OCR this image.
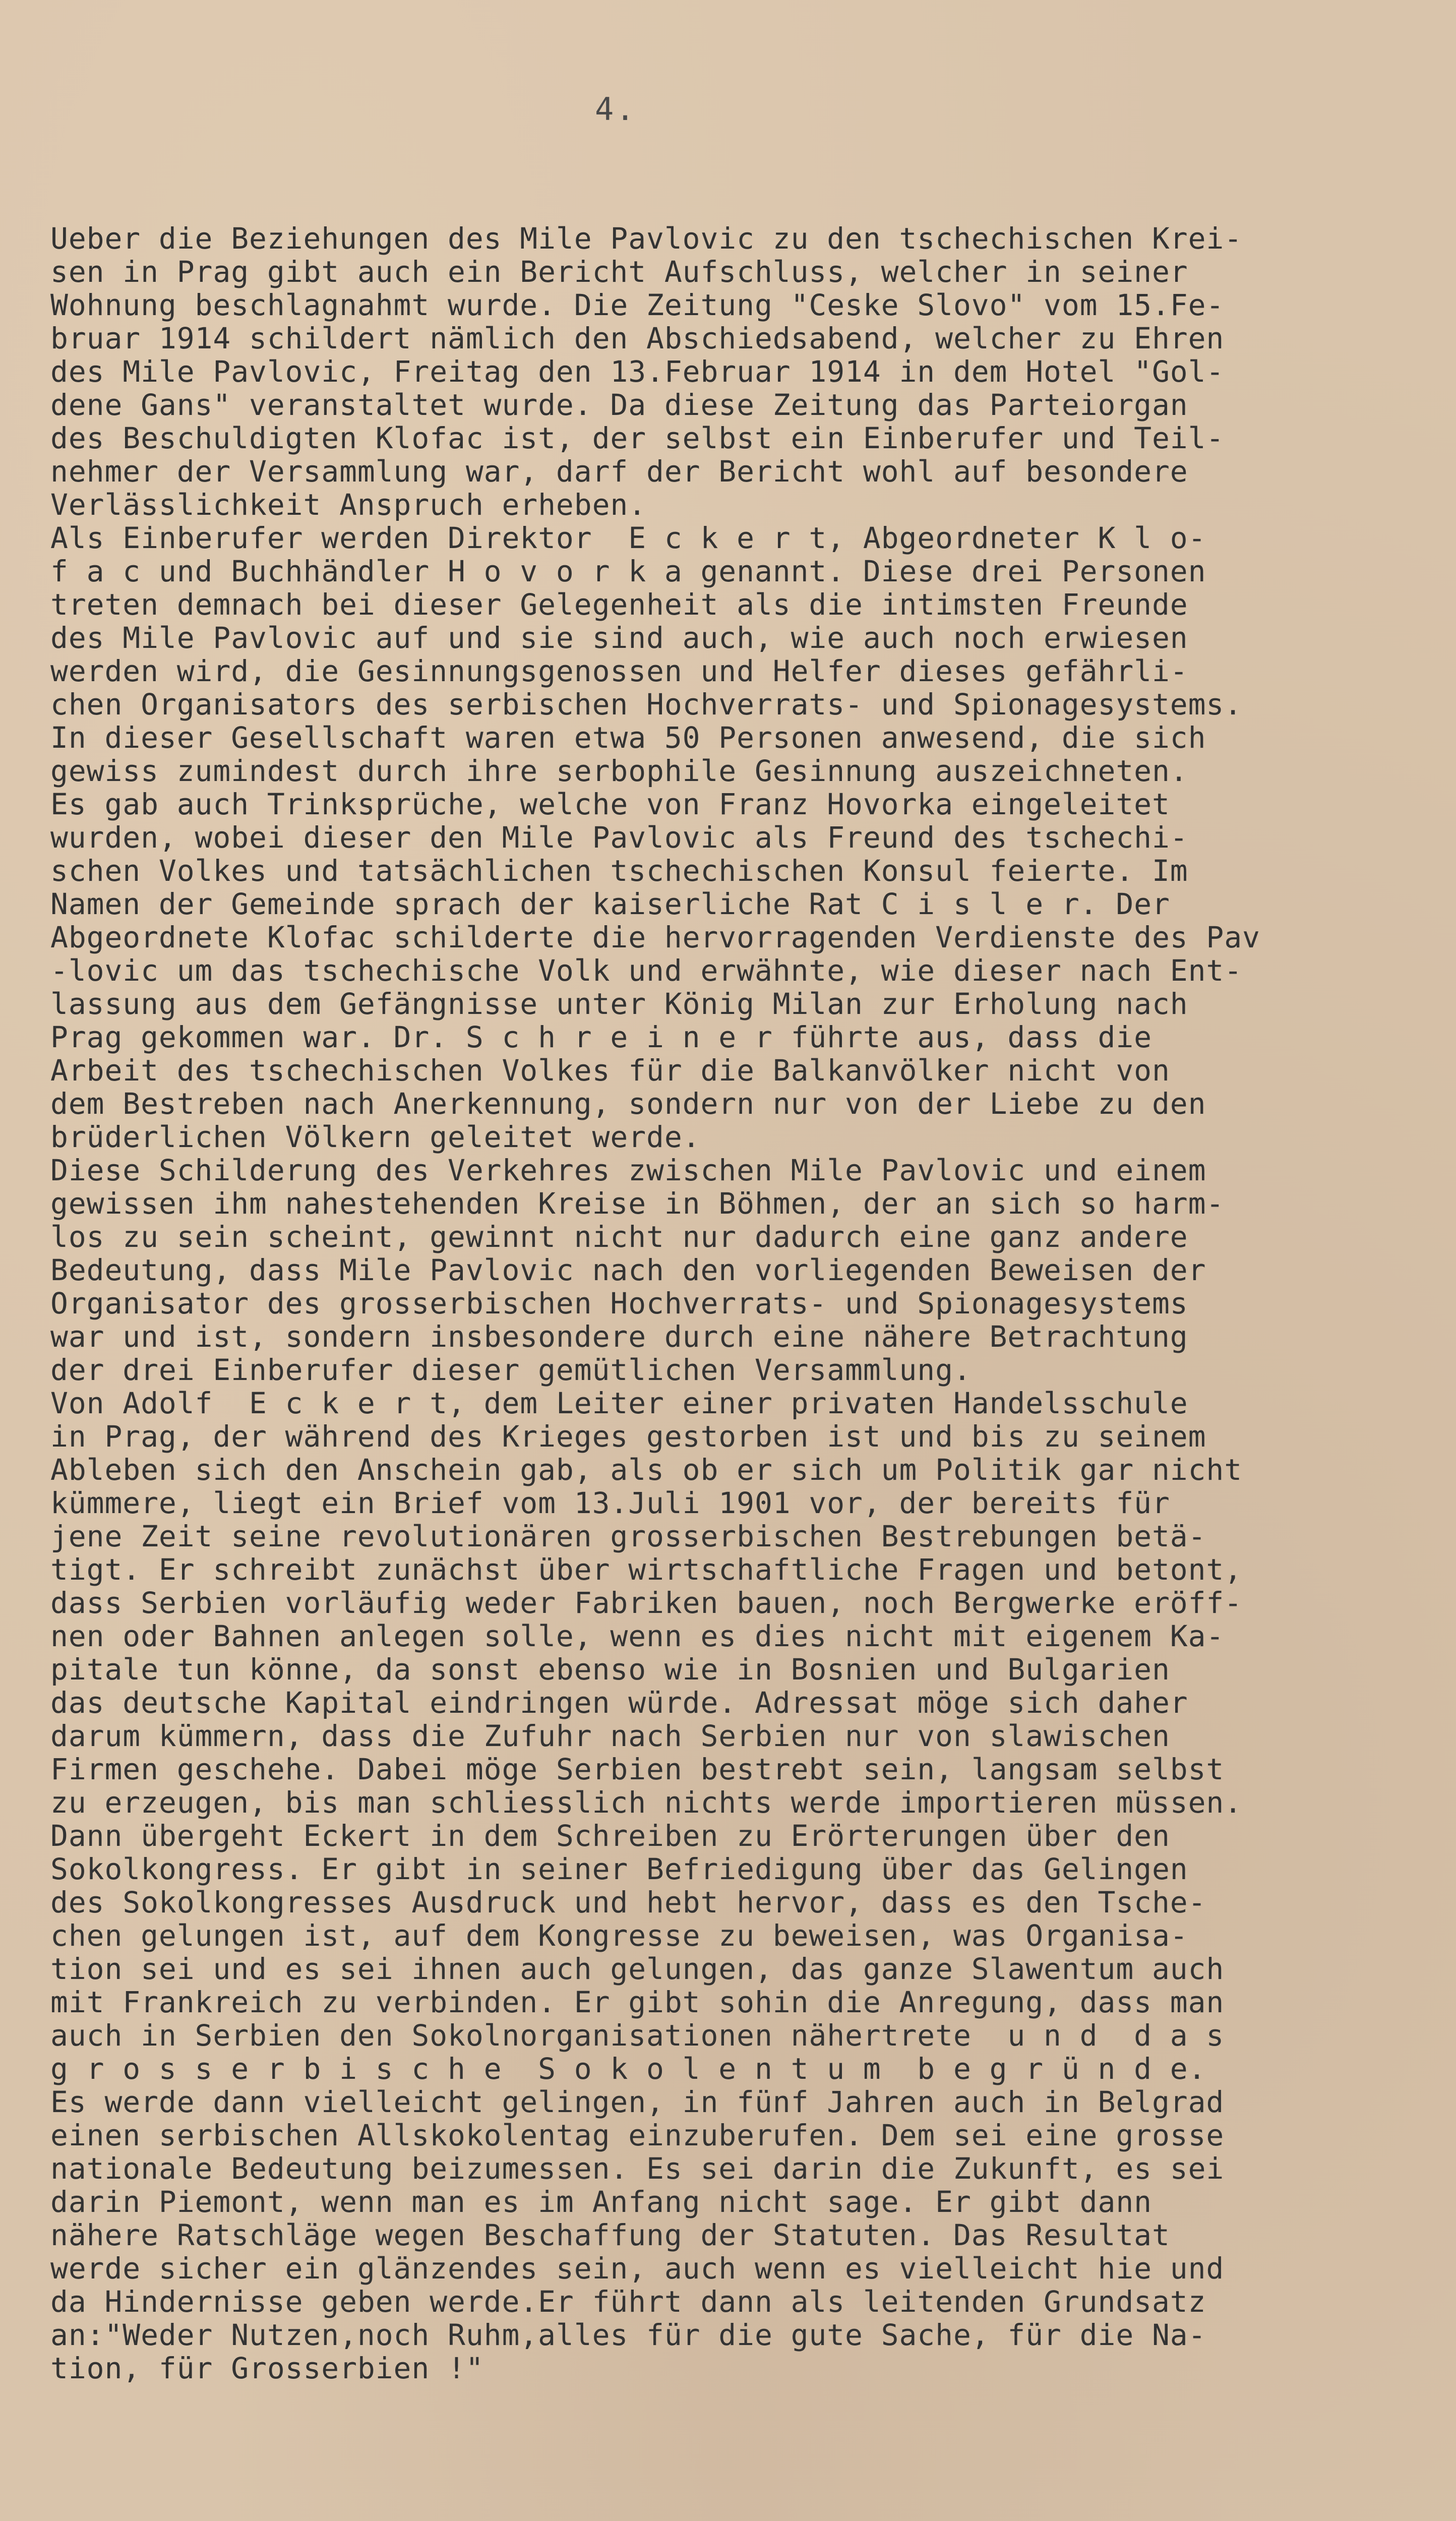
4.
Ueber die Beziehungen des Mile Pavlovic zu den tschechischen Krei-
sen in Prag gibt auch ein Bericht Aufschluss, welcher in seiner
Wohnung beschlagnahmt wurde. Die Zeitung "Ceske Slovo" vom 15.Fe-
bruar 1914 schildert nämlich den Abschiedsabend, welcher zu Ehren
des Mile Pavlovic, Freitag den 13.Februar 1914 in dem Hotel "Gol-
dene Gans" veranstaltet wurde. Da diese Zeitung das Parteiorgan
des Beschuldigten Klofac ist, der selbst ein Einberufer und Teil-
nehmer der Versammlung war, darf der Bericht wohl auf besondere
Verlässlichkeit Anspruch erheben.
Als Einberufer werden Direktor  E c k e r t, Abgeordneter K l o-
f a c und Buchhändler H o v o r k a genannt. Diese drei Personen
treten demnach bei dieser Gelegenheit als die intimsten Freunde
des Mile Pavlovic auf und sie sind auch, wie auch noch erwiesen
werden wird, die Gesinnungsgenossen und Helfer dieses gefährli-
chen Organisators des serbischen Hochverrats- und Spionagesystems.
In dieser Gesellschaft waren etwa 50 Personen anwesend, die sich
gewiss zumindest durch ihre serbophile Gesinnung auszeichneten.
Es gab auch Trinksprüche, welche von Franz Hovorka eingeleitet
wurden, wobei dieser den Mile Pavlovic als Freund des tschechi-
schen Volkes und tatsächlichen tschechischen Konsul feierte. Im
Namen der Gemeinde sprach der kaiserliche Rat C i s l e r. Der
Abgeordnete Klofac schilderte die hervorragenden Verdienste des Pav
-lovic um das tschechische Volk und erwähnte, wie dieser nach Ent-
lassung aus dem Gefängnisse unter König Milan zur Erholung nach
Prag gekommen war. Dr. S c h r e i n e r führte aus, dass die
Arbeit des tschechischen Volkes für die Balkanvölker nicht von
dem Bestreben nach Anerkennung, sondern nur von der Liebe zu den
brüderlichen Völkern geleitet werde.
Diese Schilderung des Verkehres zwischen Mile Pavlovic und einem
gewissen ihm nahestehenden Kreise in Böhmen, der an sich so harm-
los zu sein scheint, gewinnt nicht nur dadurch eine ganz andere
Bedeutung, dass Mile Pavlovic nach den vorliegenden Beweisen der
Organisator des grosserbischen Hochverrats- und Spionagesystems
war und ist, sondern insbesondere durch eine nähere Betrachtung
der drei Einberufer dieser gemütlichen Versammlung.
Von Adolf  E c k e r t, dem Leiter einer privaten Handelsschule
in Prag, der während des Krieges gestorben ist und bis zu seinem
Ableben sich den Anschein gab, als ob er sich um Politik gar nicht
kümmere, liegt ein Brief vom 13.Juli 1901 vor, der bereits für
jene Zeit seine revolutionären grosserbischen Bestrebungen betä-
tigt. Er schreibt zunächst über wirtschaftliche Fragen und betont,
dass Serbien vorläufig weder Fabriken bauen, noch Bergwerke eröff-
nen oder Bahnen anlegen solle, wenn es dies nicht mit eigenem Ka-
pitale tun könne, da sonst ebenso wie in Bosnien und Bulgarien
das deutsche Kapital eindringen würde. Adressat möge sich daher
darum kümmern, dass die Zufuhr nach Serbien nur von slawischen
Firmen geschehe. Dabei möge Serbien bestrebt sein, langsam selbst
zu erzeugen, bis man schliesslich nichts werde importieren müssen.
Dann übergeht Eckert in dem Schreiben zu Erörterungen über den
Sokolkongress. Er gibt in seiner Befriedigung über das Gelingen
des Sokolkongresses Ausdruck und hebt hervor, dass es den Tsche-
chen gelungen ist, auf dem Kongresse zu beweisen, was Organisa-
tion sei und es sei ihnen auch gelungen, das ganze Slawentum auch
mit Frankreich zu verbinden. Er gibt sohin die Anregung, dass man
auch in Serbien den Sokolnorganisationen nähertrete  u n d  d a s
g r o s s e r b i s c h e  S o k o l e n t u m  b e g r ü n d e.
Es werde dann vielleicht gelingen, in fünf Jahren auch in Belgrad
einen serbischen Allskokolentag einzuberufen. Dem sei eine grosse
nationale Bedeutung beizumessen. Es sei darin die Zukunft, es sei
darin Piemont, wenn man es im Anfang nicht sage. Er gibt dann
nähere Ratschläge wegen Beschaffung der Statuten. Das Resultat
werde sicher ein glänzendes sein, auch wenn es vielleicht hie und
da Hindernisse geben werde.Er führt dann als leitenden Grundsatz
an:"Weder Nutzen,noch Ruhm,alles für die gute Sache, für die Na-
tion, für Grosserbien !"
